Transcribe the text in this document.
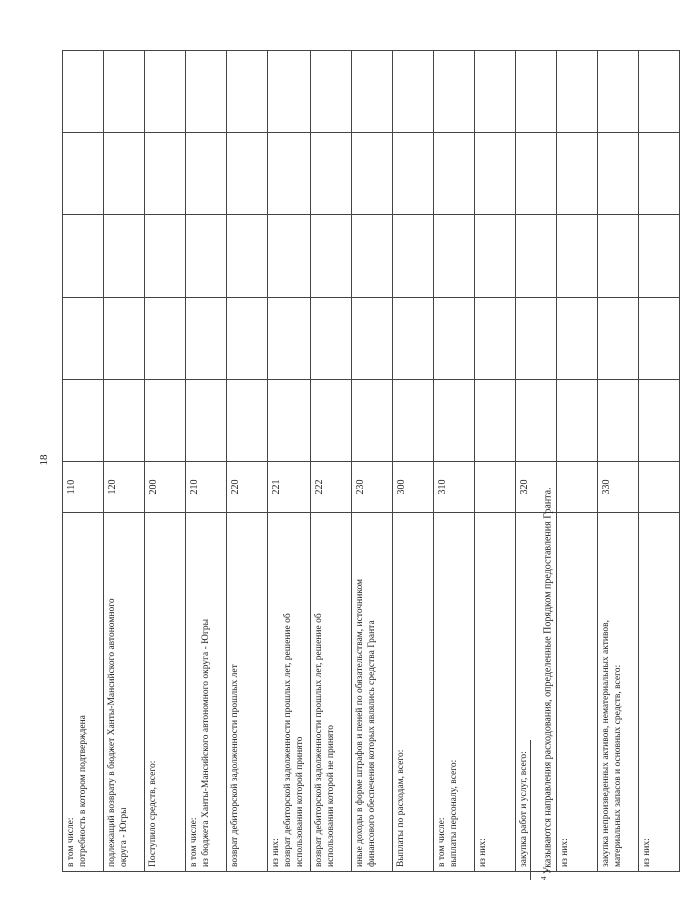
18
в том числе: потребность в котором подтверждена	110					

подлежащий возврату в бюджет Ханты-Мансийского автономного округа - Югры	120					

Поступило средств, всего:	200					

в том числе: из бюджета Ханты-Мансийского автономного округа - Югры	210					

возврат дебиторской задолженности прошлых лет	220					

из них: возврат дебиторской задолженности прошлых лет, решение об использовании которой принято	221					

возврат дебиторской задолженности прошлых лет, решение об использовании которой не принято	222					

иные доходы в форме штрафов и пеней по обязательствам, источником финансового обеспечения которых являлись средства Гранта	230					

Выплаты по расходам, всего:	300					

в том числе: выплаты персоналу, всего:	310					

из них:						

закупка работ и услуг, всего:	320					

из них:						

закупка непроизведенных активов, нематериальных активов, материальных запасов и основных средств, всего:	330					

из них:						

$^4$ Указываются направления расходования, определенные Порядком предоставления Гранта.
